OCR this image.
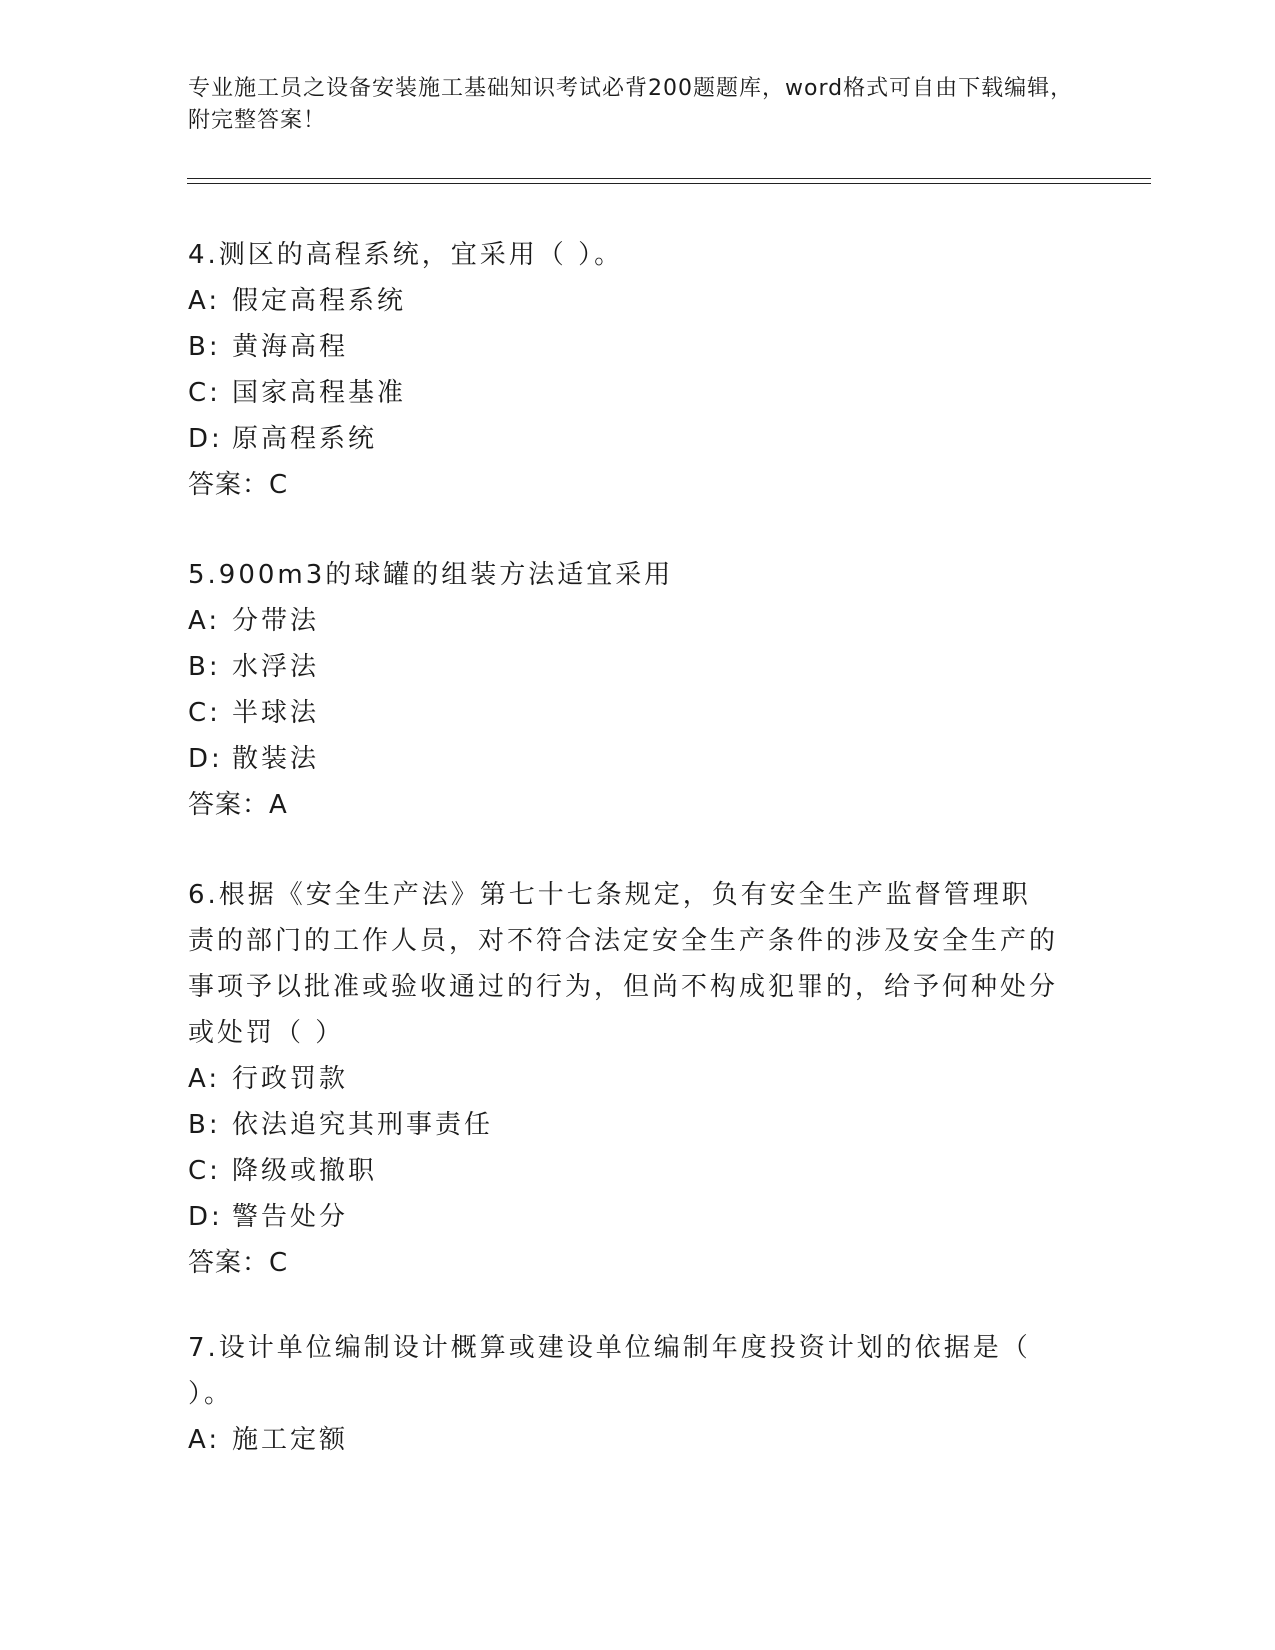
专业施工员之设备安装施工基础知识考试必背200题题库，word格式可自由下载编辑，附完整答案！

4.测区的高程系统，宜采用（ ）。

A: 假定高程系统
B: 黄海高程
C: 国家高程基准
D: 原高程系统
答案：C

5.900m3的球罐的组装方法适宜采用

A: 分带法
B: 水浮法
C: 半球法
D: 散装法
答案：A

6.根据《安全生产法》第七十七条规定，负有安全生产监督管理职责的部门的工作人员，对不符合法定安全生产条件的涉及安全生产的事项予以批准或验收通过的行为，但尚不构成犯罪的，给予何种处分或处罚（ ）

A: 行政罚款
B: 依法追究其刑事责任
C: 降级或撤职
D: 警告处分
答案：C

7.设计单位编制设计概算或建设单位编制年度投资计划的依据是（ ）。

A: 施工定额
